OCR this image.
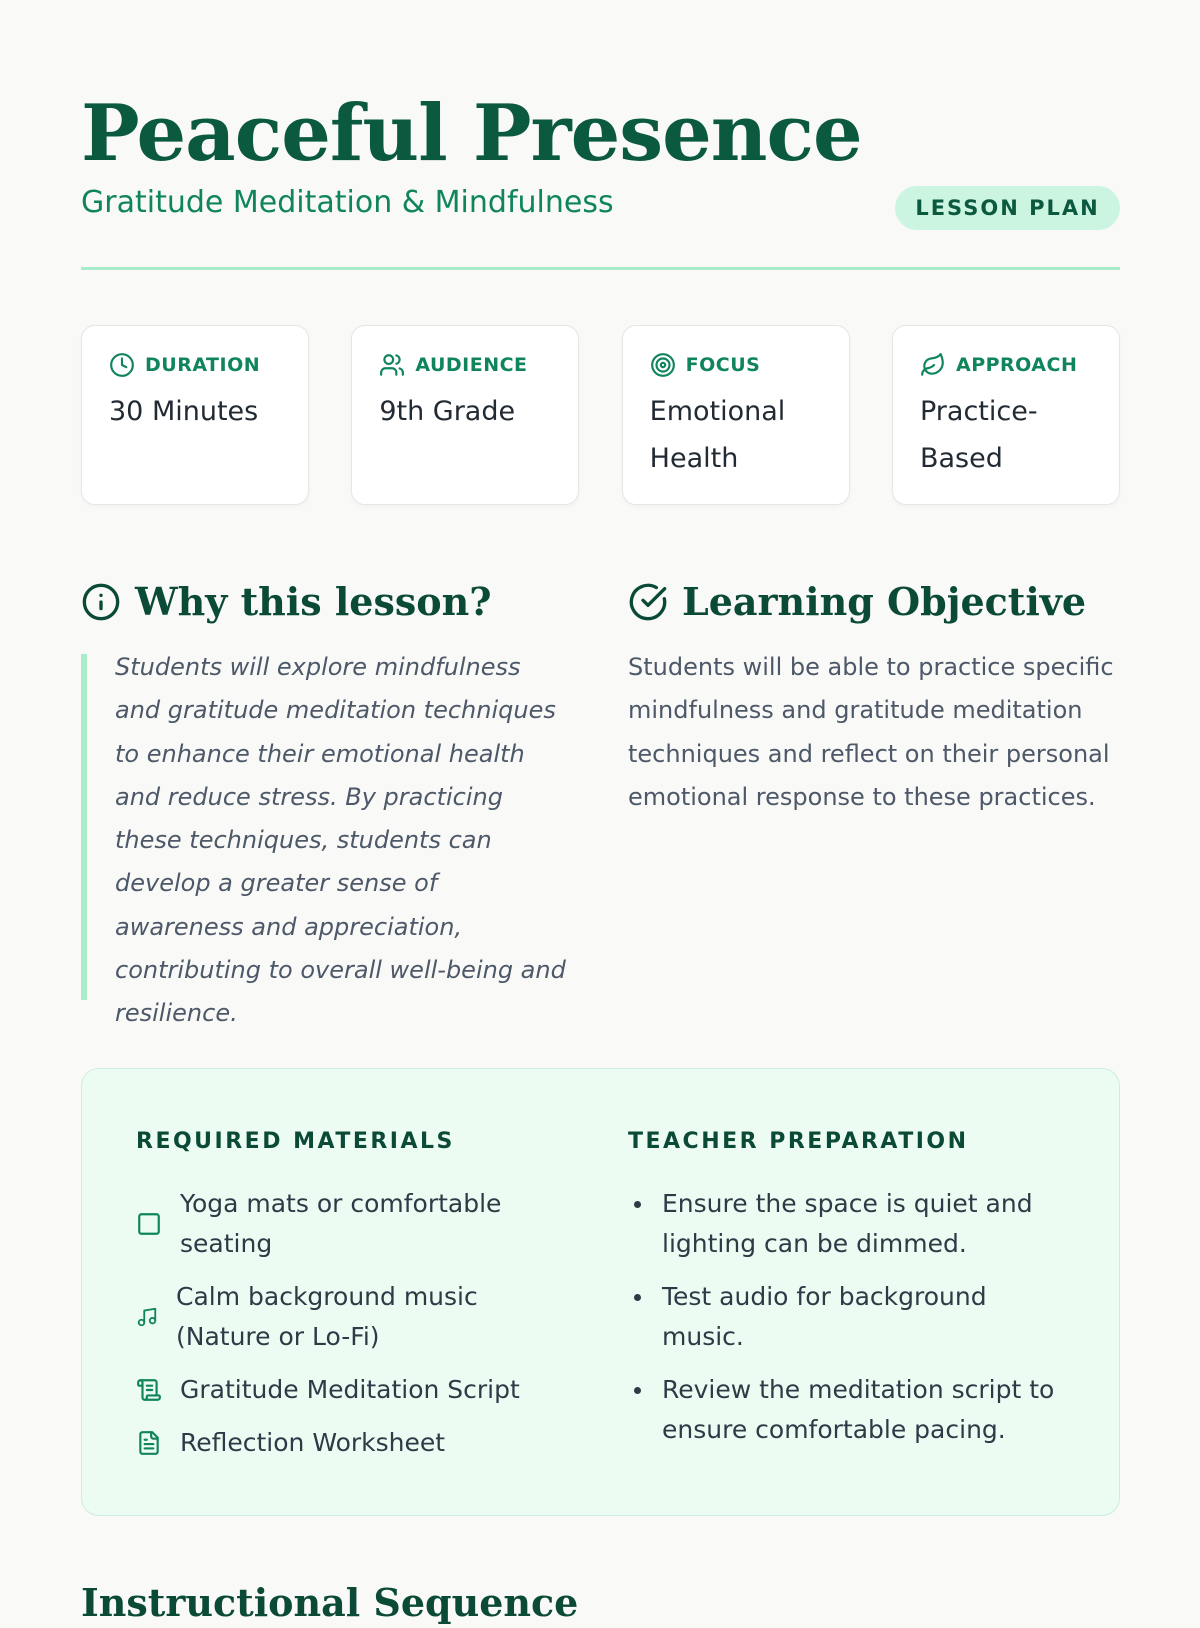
Peaceful Presence
Gratitude Meditation & Mindfulness	LESSON PLAN
DURATION
30 Minutes
AUDIENCE
9th Grade
FOCUS
Emotional Health
APPROACH
Practice-Based
Why this lesson?
Students will explore mindfulness and gratitude meditation techniques to enhance their emotional health and reduce stress. By practicing these techniques, students can develop a greater sense of awareness and appreciation, contributing to overall well-being and resilience.
Learning Objective
Students will be able to practice specific mindfulness and gratitude meditation techniques and reflect on their personal emotional response to these practices.
REQUIRED MATERIALS
Yoga mats or comfortable seating
Calm background music (Nature or Lo-Fi)
Gratitude Meditation Script
Reflection Worksheet
TEACHER PREPARATION
Ensure the space is quiet and lighting can be dimmed.
Test audio for background music.
Review the meditation script to ensure comfortable pacing.
Instructional Sequence
